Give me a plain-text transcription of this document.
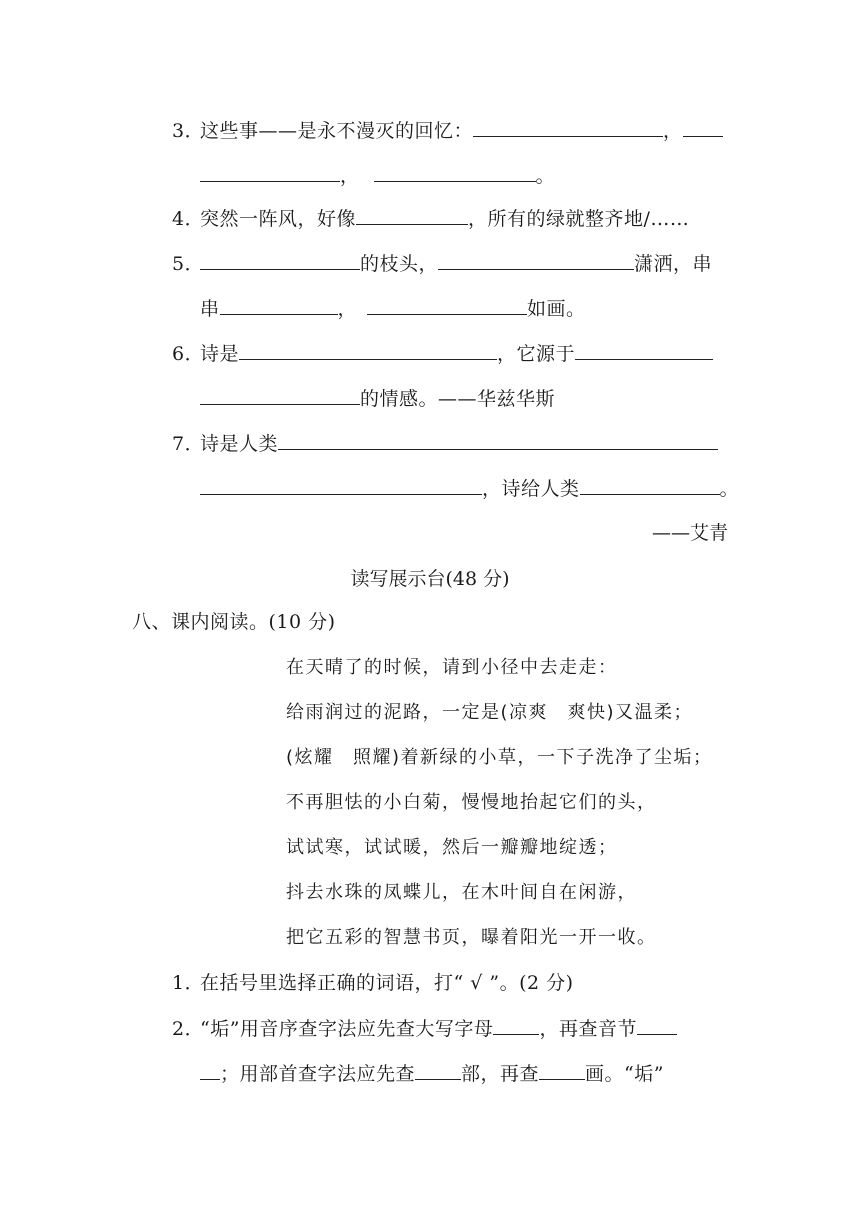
3．这些事——是永不漫灭的回忆：	，
，	。
4．突然一阵风，好像	，所有的绿就整齐地/……
5．	的枝头，	潇洒，串
串	，	如画。
6．诗是	，它源于
的情感。——华兹华斯
7．诗是人类
，诗给人类	。
——艾青
读写展示台(48 分)
八、课内阅读。(10 分)
在天晴了的时候，请到小径中去走走：
给雨润过的泥路，一定是(凉爽　爽快)又温柔；
(炫耀　照耀)着新绿的小草，一下子洗净了尘垢；
不再胆怯的小白菊，慢慢地抬起它们的头，
试试寒，试试暖，然后一瓣瓣地绽透；
抖去水珠的凤蝶儿，在木叶间自在闲游，
把它五彩的智慧书页，曝着阳光一开一收。
1．在括号里选择正确的词语，打“ √ ”。(2 分)
2．“垢”用音序查字法应先查大写字母 ，再查音节
；用部首查字法应先查 部，再查 画。“垢”
